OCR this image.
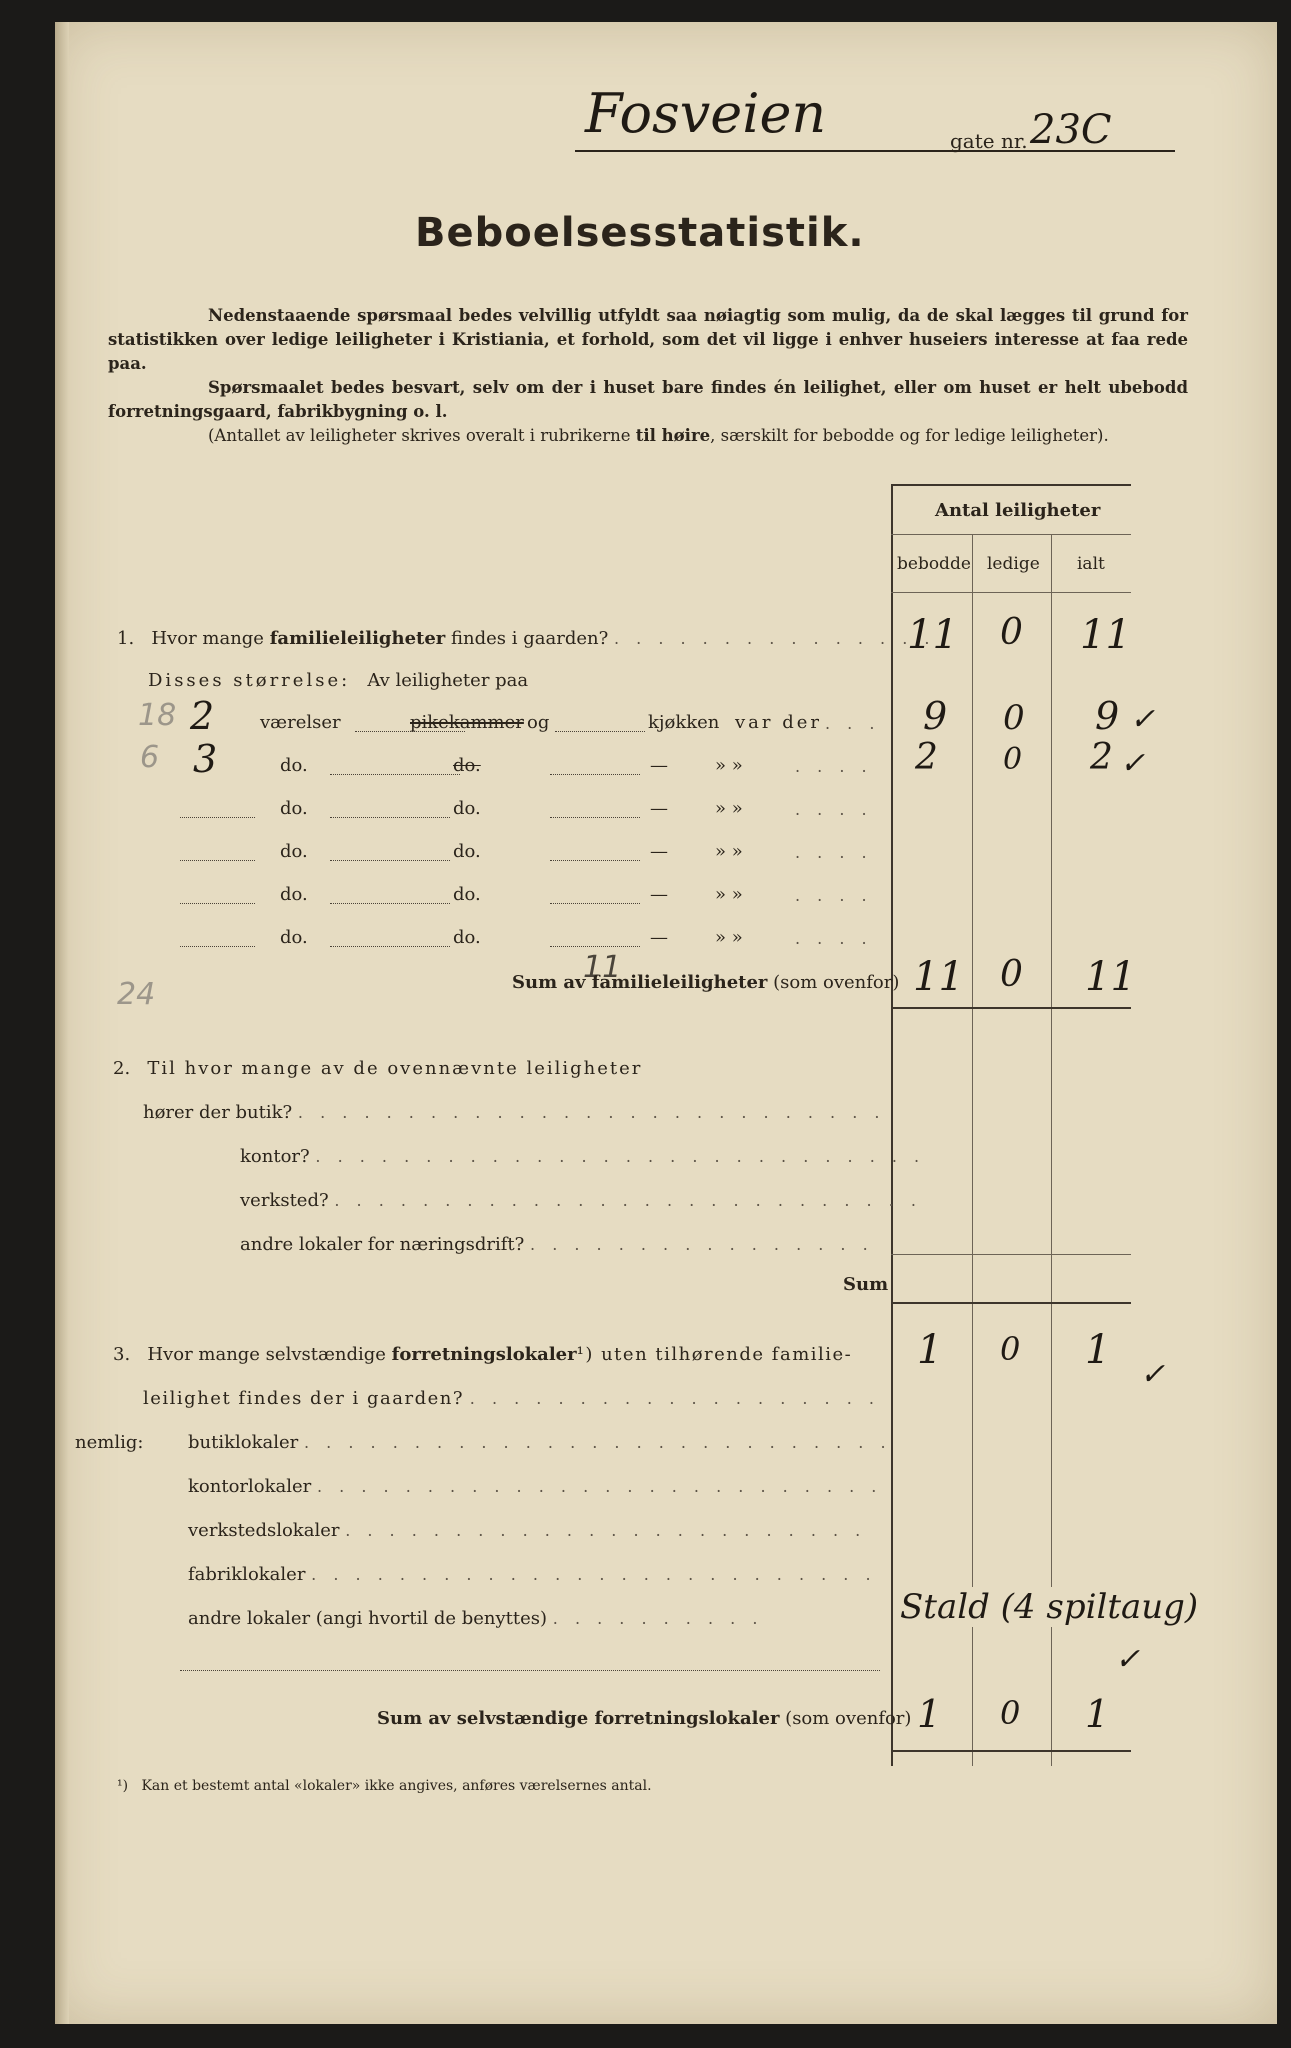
Fosveien	gate nr. 23C
Beboelsesstatistik.
Nedenstaaende spørsmaal bedes velvillig utfyldt saa nøiagtig som mulig, da de skal lægges til grund for statistikken over ledige leiligheter i Kristiania, et forhold, som det vil ligge i enhver huseiers interesse at faa rede paa.
Spørsmaalet bedes besvart, selv om der i huset bare findes én leilighet, eller om huset er helt ubebodd forretningsgaard, fabrikbygning o. l.
(Antallet av leiligheter skrives overalt i rubrikerne til høire, særskilt for bebodde og for ledige leiligheter).
Antal leiligheter
bebodde ledige ialt
1. Hvor mange familieleiligheter findes i gaarden? . . . . . . . . . . . . . . .
11 0 11
Disses størrelse: Av leiligheter paa
18 2	værelser	pikekammer og	kjøkken var der . . . 9 0 9 ✓
6 3	do.	do.	—	» »	. . . . 2 0 2 ✓
do.	do.	—	» »	. . . .
do.	do.	—	» »	. . . .
do.	do.	—	» »	. . . .
do.	do.	—	» »	. . . .
24
11
Sum av familieleiligheter (som ovenfor) 11 0 11
2. Til hvor mange av de ovennævnte leiligheter
hører der butik? . . . . . . . . . . . . . . . . . . . . . . . . . . .
kontor? . . . . . . . . . . . . . . . . . . . . . . . . . . . .
verksted? . . . . . . . . . . . . . . . . . . . . . . . . . . .
andre lokaler for næringsdrift? . . . . . . . . . . . . . . . .
Sum
3. Hvor mange selvstændige forretningslokaler¹) uten tilhørende familie- 1 0 1
✓
leilighet findes der i gaarden? . . . . . . . . . . . . . . . . . . .
nemlig: butiklokaler . . . . . . . . . . . . . . . . . . . . . . . . . . .
kontorlokaler . . . . . . . . . . . . . . . . . . . . . . . . . .
verkstedslokaler . . . . . . . . . . . . . . . . . . . . . . . .
fabriklokaler . . . . . . . . . . . . . . . . . . . . . . . . . .
andre lokaler (angi hvortil de benyttes) . . . . . . . . . .	Stald (4 spiltaug)
✓
Sum av selvstændige forretningslokaler (som ovenfor) 1 0 1
¹) Kan et bestemt antal «lokaler» ikke angives, anføres værelsernes antal.
